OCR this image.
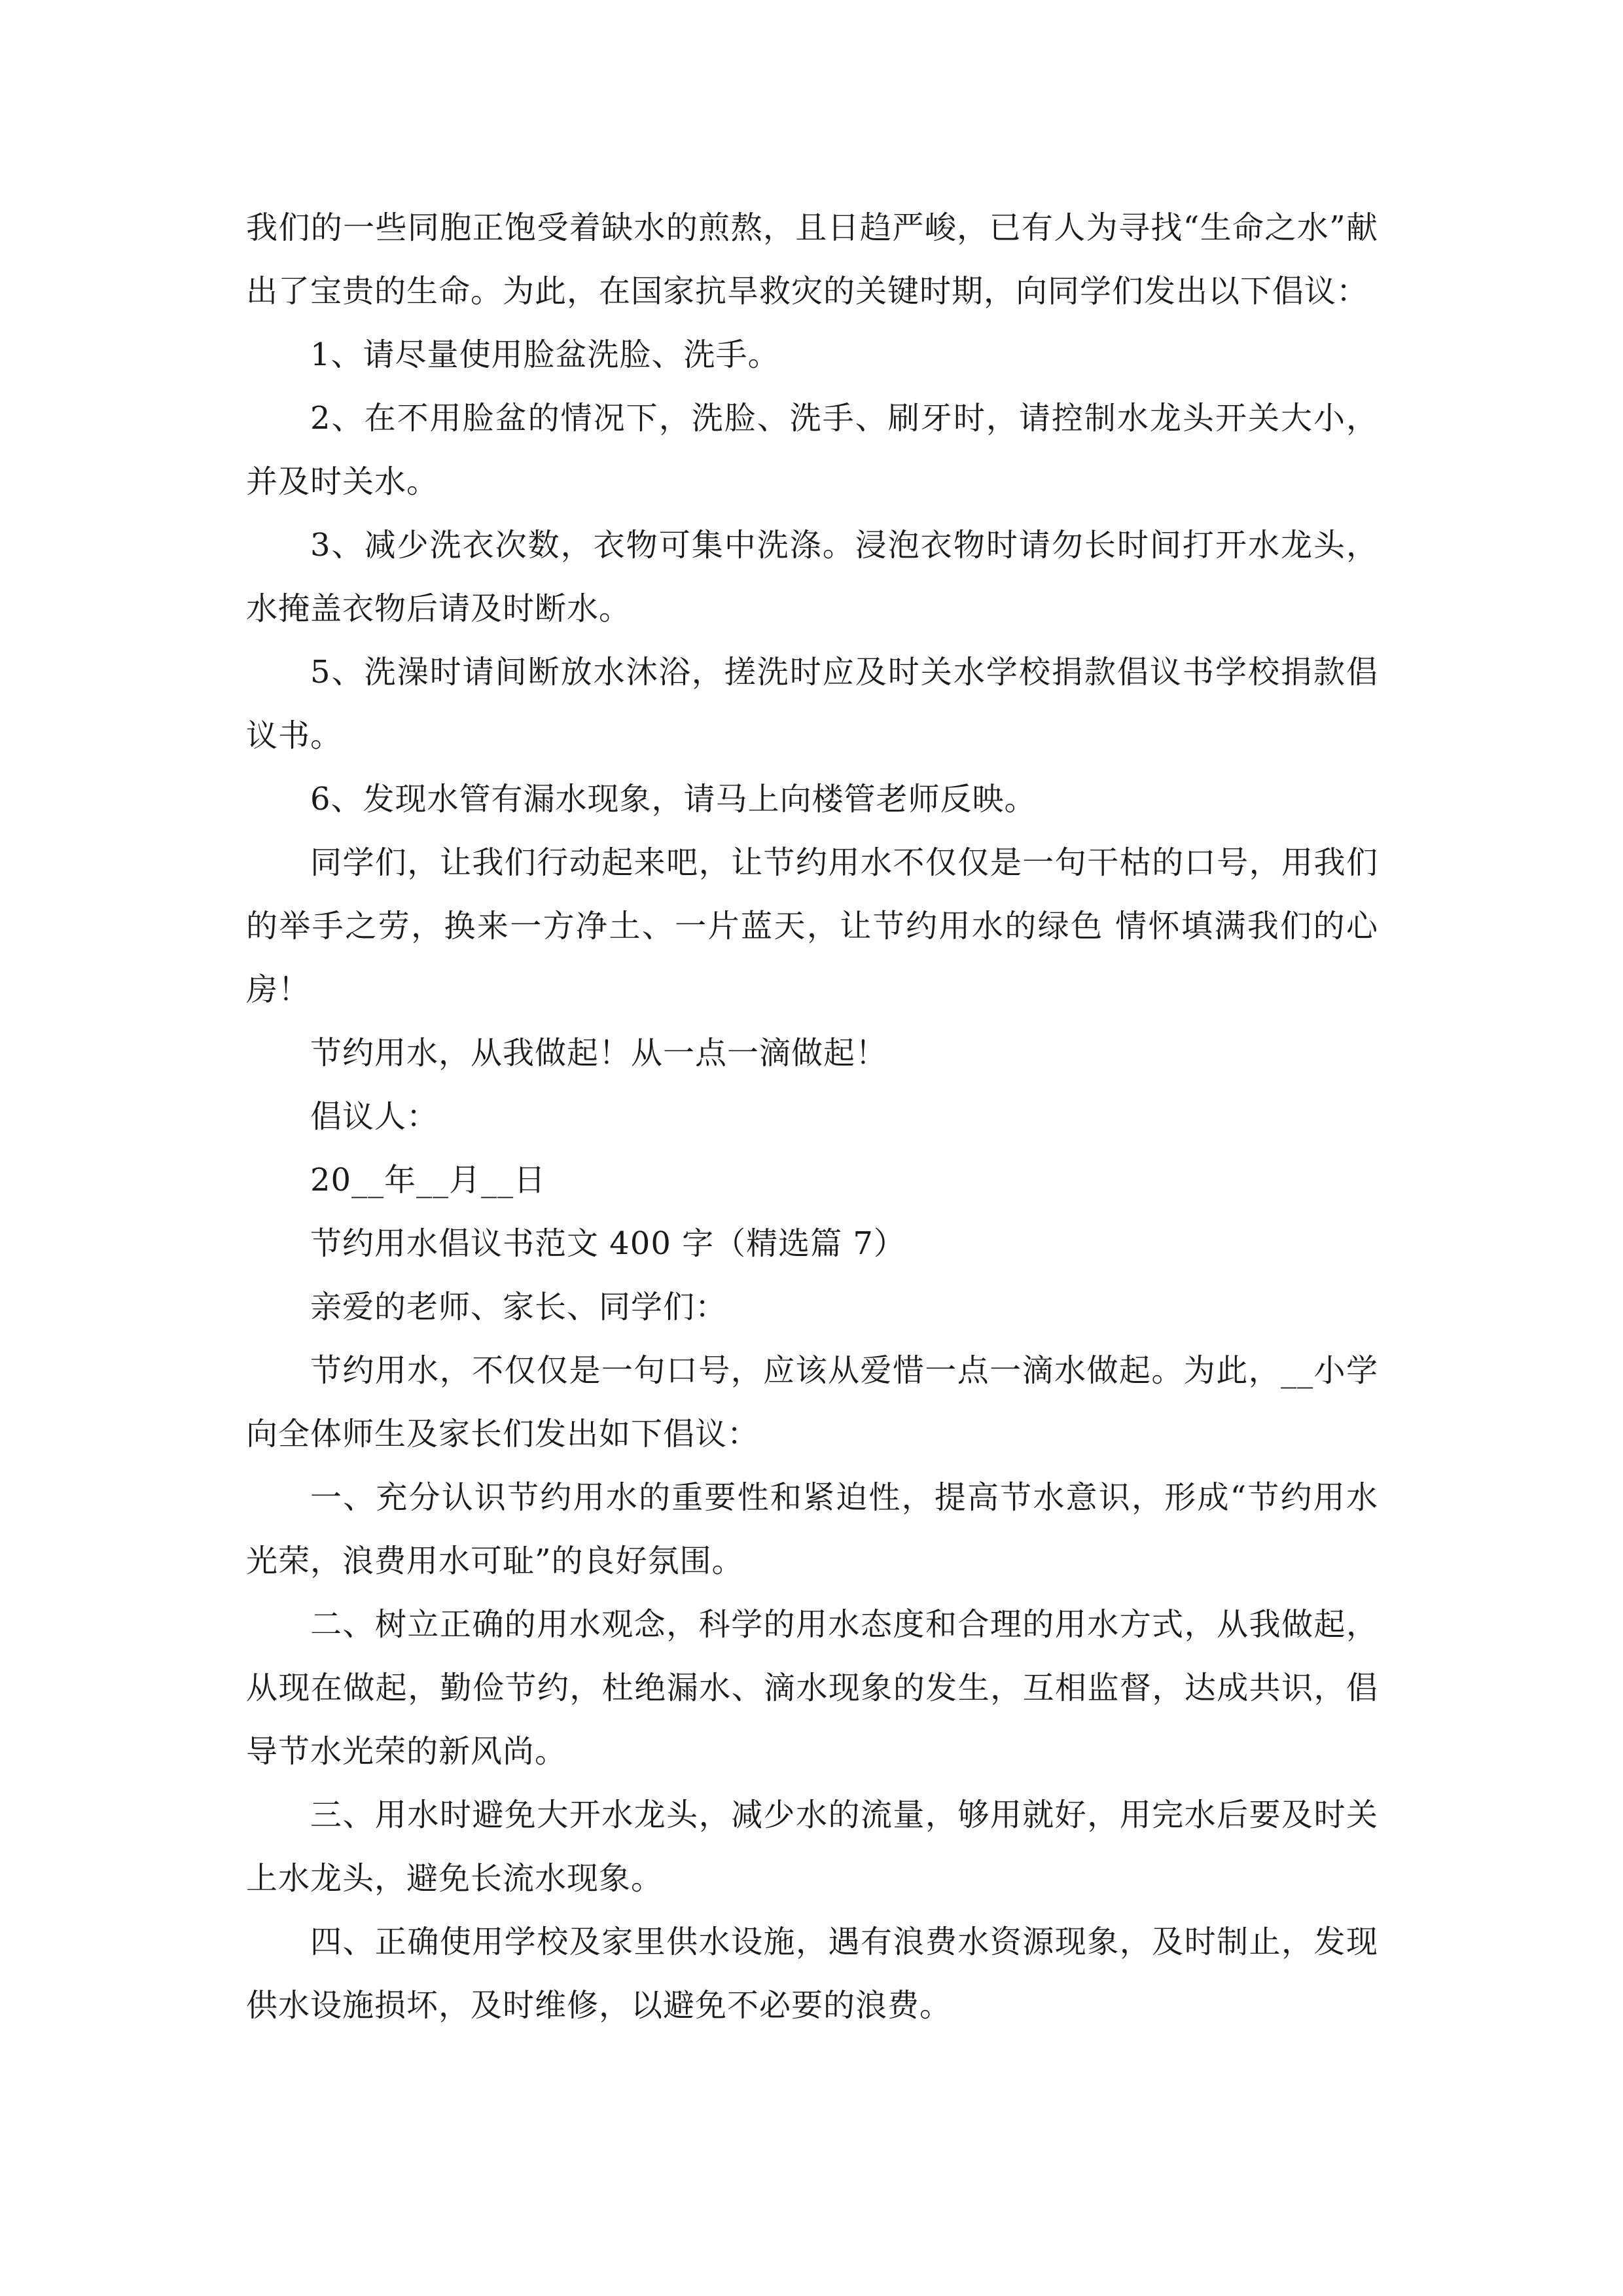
我们的一些同胞正饱受着缺水的煎熬，且日趋严峻，已有人为寻找“生命之水”献出了宝贵的生命。为此，在国家抗旱救灾的关键时期，向同学们发出以下倡议：

1、请尽量使用脸盆洗脸、洗手。

2、在不用脸盆的情况下，洗脸、洗手、刷牙时，请控制水龙头开关大小，并及时关水。

3、减少洗衣次数，衣物可集中洗涤。浸泡衣物时请勿长时间打开水龙头，水掩盖衣物后请及时断水。

5、洗澡时请间断放水沐浴，搓洗时应及时关水学校捐款倡议书学校捐款倡议书。

6、发现水管有漏水现象，请马上向楼管老师反映。

同学们，让我们行动起来吧，让节约用水不仅仅是一句干枯的口号，用我们的举手之劳，换来一方净土、一片蓝天，让节约用水的绿色 情怀填满我们的心房！

节约用水，从我做起！从一点一滴做起！

倡议人：

20__年__月__日

节约用水倡议书范文 400 字（精选篇 7）

亲爱的老师、家长、同学们：

节约用水，不仅仅是一句口号，应该从爱惜一点一滴水做起。为此，__小学向全体师生及家长们发出如下倡议：

一、充分认识节约用水的重要性和紧迫性，提高节水意识，形成“节约用水光荣，浪费用水可耻”的良好氛围。

二、树立正确的用水观念，科学的用水态度和合理的用水方式，从我做起，从现在做起，勤俭节约，杜绝漏水、滴水现象的发生，互相监督，达成共识，倡导节水光荣的新风尚。

三、用水时避免大开水龙头，减少水的流量，够用就好，用完水后要及时关上水龙头，避免长流水现象。

四、正确使用学校及家里供水设施，遇有浪费水资源现象，及时制止，发现供水设施损坏，及时维修，以避免不必要的浪费。
